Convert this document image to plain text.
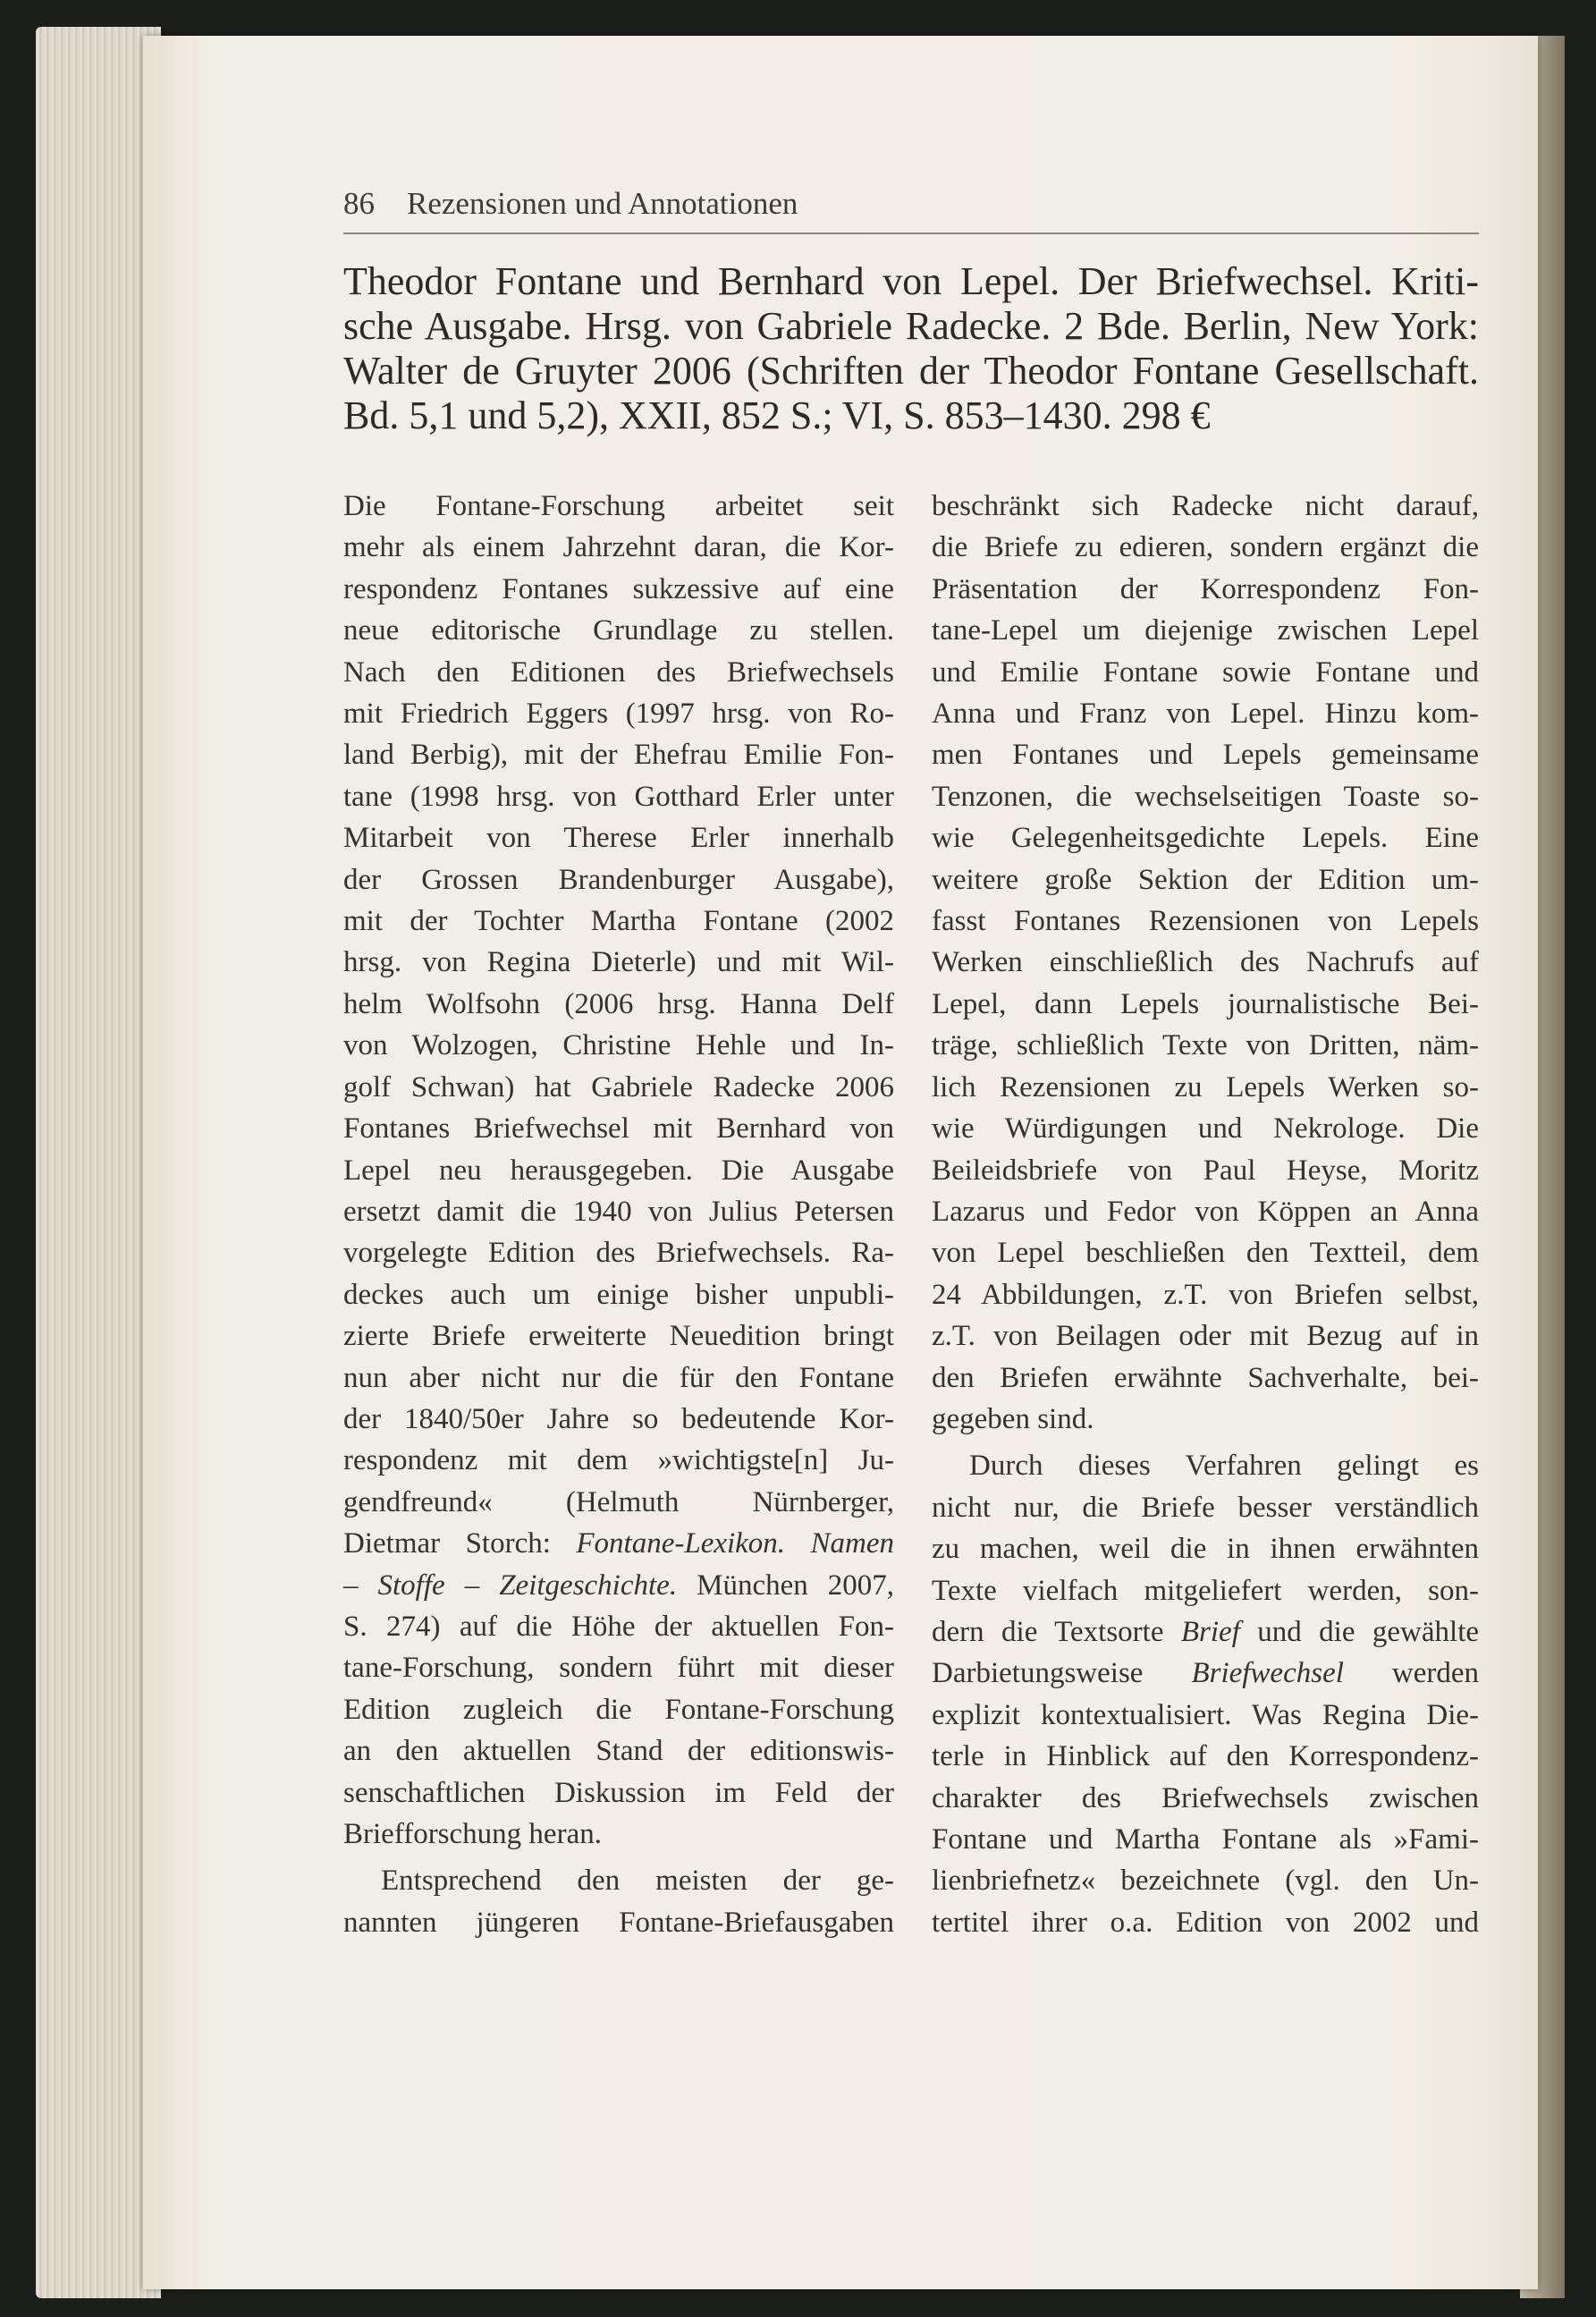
86 Rezensionen und Annotationen
Theodor Fontane und Bernhard von Lepel. Der Briefwechsel. Kriti-
sche Ausgabe. Hrsg. von Gabriele Radecke. 2 Bde. Berlin, New York:
Walter de Gruyter 2006 (Schriften der Theodor Fontane Gesellschaft.
Bd. 5,1 und 5,2), XXII, 852 S.; VI, S. 853–1430. 298 €
Die Fontane-Forschung arbeitet seit
mehr als einem Jahrzehnt daran, die Kor-
respondenz Fontanes sukzessive auf eine
neue editorische Grundlage zu stellen.
Nach den Editionen des Briefwechsels
mit Friedrich Eggers (1997 hrsg. von Ro-
land Berbig), mit der Ehefrau Emilie Fon-
tane (1998 hrsg. von Gotthard Erler unter
Mitarbeit von Therese Erler innerhalb
der Grossen Brandenburger Ausgabe),
mit der Tochter Martha Fontane (2002
hrsg. von Regina Dieterle) und mit Wil-
helm Wolfsohn (2006 hrsg. Hanna Delf
von Wolzogen, Christine Hehle und In-
golf Schwan) hat Gabriele Radecke 2006
Fontanes Briefwechsel mit Bernhard von
Lepel neu herausgegeben. Die Ausgabe
ersetzt damit die 1940 von Julius Petersen
vorgelegte Edition des Briefwechsels. Ra-
deckes auch um einige bisher unpubli-
zierte Briefe erweiterte Neuedition bringt
nun aber nicht nur die für den Fontane
der 1840/50er Jahre so bedeutende Kor-
respondenz mit dem »wichtigste[n] Ju-
gendfreund« (Helmuth Nürnberger,
Dietmar Storch: Fontane-Lexikon. Namen
– Stoffe – Zeitgeschichte. München 2007,
S. 274) auf die Höhe der aktuellen Fon-
tane-Forschung, sondern führt mit dieser
Edition zugleich die Fontane-Forschung
an den aktuellen Stand der editionswis-
senschaftlichen Diskussion im Feld der
Briefforschung heran.
Entsprechend den meisten der ge-
nannten jüngeren Fontane-Briefausgaben
beschränkt sich Radecke nicht darauf,
die Briefe zu edieren, sondern ergänzt die
Präsentation der Korrespondenz Fon-
tane-Lepel um diejenige zwischen Lepel
und Emilie Fontane sowie Fontane und
Anna und Franz von Lepel. Hinzu kom-
men Fontanes und Lepels gemeinsame
Tenzonen, die wechselseitigen Toaste so-
wie Gelegenheitsgedichte Lepels. Eine
weitere große Sektion der Edition um-
fasst Fontanes Rezensionen von Lepels
Werken einschließlich des Nachrufs auf
Lepel, dann Lepels journalistische Bei-
träge, schließlich Texte von Dritten, näm-
lich Rezensionen zu Lepels Werken so-
wie Würdigungen und Nekrologe. Die
Beileidsbriefe von Paul Heyse, Moritz
Lazarus und Fedor von Köppen an Anna
von Lepel beschließen den Textteil, dem
24 Abbildungen, z.T. von Briefen selbst,
z.T. von Beilagen oder mit Bezug auf in
den Briefen erwähnte Sachverhalte, bei-
gegeben sind.
Durch dieses Verfahren gelingt es
nicht nur, die Briefe besser verständlich
zu machen, weil die in ihnen erwähnten
Texte vielfach mitgeliefert werden, son-
dern die Textsorte Brief und die gewählte
Darbietungsweise Briefwechsel werden
explizit kontextualisiert. Was Regina Die-
terle in Hinblick auf den Korrespondenz-
charakter des Briefwechsels zwischen
Fontane und Martha Fontane als »Fami-
lienbriefnetz« bezeichnete (vgl. den Un-
tertitel ihrer o.a. Edition von 2002 und
